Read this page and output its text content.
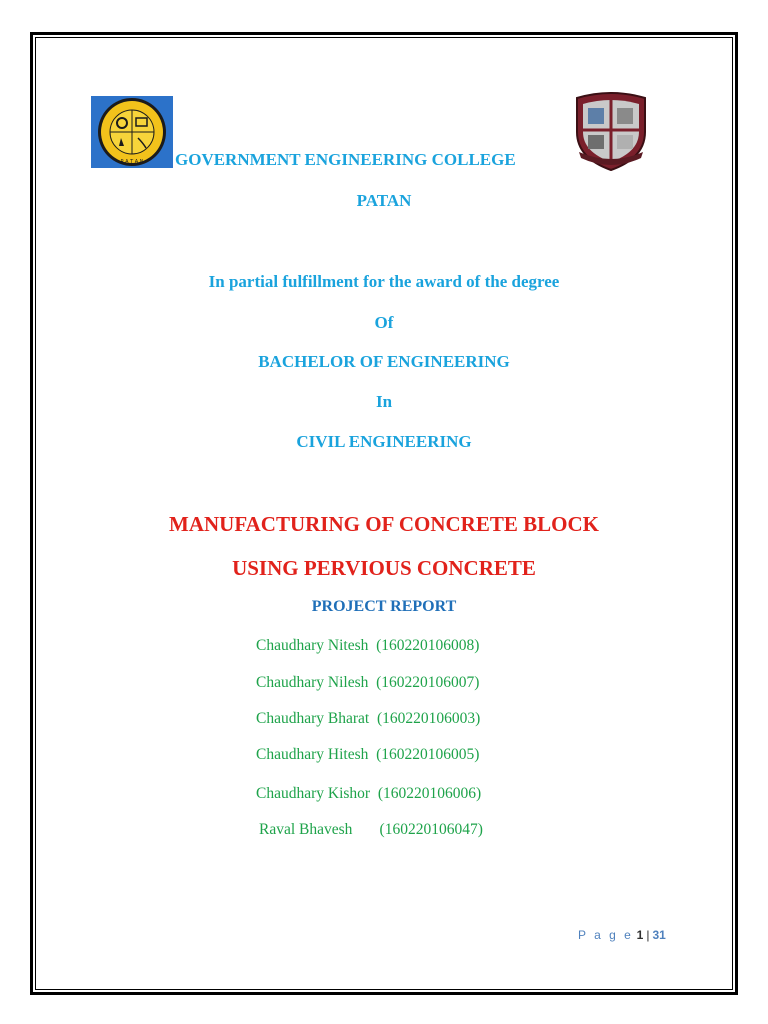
P A T A N GOVERNMENT ENGINEERING COLLEGE
PATAN
In partial fulfillment for the award of the degree
Of
BACHELOR OF ENGINEERING
In
CIVIL ENGINEERING
MANUFACTURING OF CONCRETE BLOCK
USING PERVIOUS CONCRETE
PROJECT REPORT
Chaudhary Nitesh  (160220106008)
Chaudhary Nilesh  (160220106007)
Chaudhary Bharat  (160220106003)
Chaudhary Hitesh  (160220106005)
Chaudhary Kishor  (160220106006)
Raval Bhavesh       (160220106047)
P a g e 1 | 31
